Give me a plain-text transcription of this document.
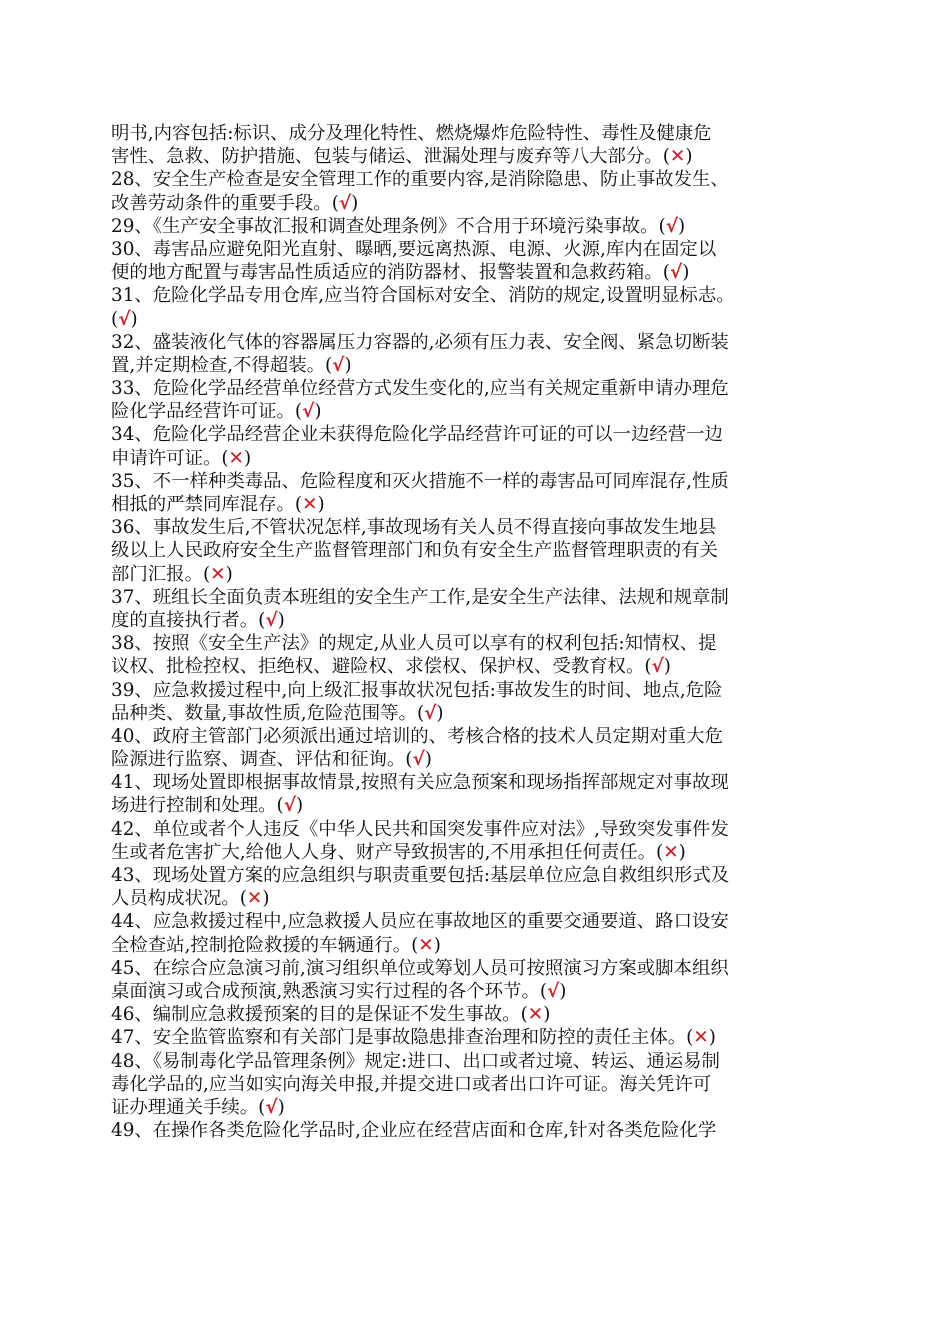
明书,内容包括:标识、成分及理化特性、燃烧爆炸危险特性、毒性及健康危
害性、急救、防护措施、包装与储运、泄漏处理与废弃等八大部分。(✕)
28、安全生产检查是安全管理工作的重要内容,是消除隐患、防止事故发生、
改善劳动条件的重要手段。(√)
29、《生产安全事故汇报和调查处理条例》不合用于环境污染事故。(√)
30、毒害品应避免阳光直射、曝晒,要远离热源、电源、火源,库内在固定以
便的地方配置与毒害品性质适应的消防器材、报警装置和急救药箱。(√)
31、危险化学品专用仓库,应当符合国标对安全、消防的规定,设置明显标志。
(√)
32、盛装液化气体的容器属压力容器的,必须有压力表、安全阀、紧急切断装
置,并定期检查,不得超装。(√)
33、危险化学品经营单位经营方式发生变化的,应当有关规定重新申请办理危
险化学品经营许可证。(√)
34、危险化学品经营企业未获得危险化学品经营许可证的可以一边经营一边
申请许可证。(✕)
35、不一样种类毒品、危险程度和灭火措施不一样的毒害品可同库混存,性质
相抵的严禁同库混存。(✕)
36、事故发生后,不管状况怎样,事故现场有关人员不得直接向事故发生地县
级以上人民政府安全生产监督管理部门和负有安全生产监督管理职责的有关
部门汇报。(✕)
37、班组长全面负责本班组的安全生产工作,是安全生产法律、法规和规章制
度的直接执行者。(√)
38、按照《安全生产法》的规定,从业人员可以享有的权利包括:知情权、提
议权、批检控权、拒绝权、避险权、求偿权、保护权、受教育权。(√)
39、应急救援过程中,向上级汇报事故状况包括:事故发生的时间、地点,危险
品种类、数量,事故性质,危险范围等。(√)
40、政府主管部门必须派出通过培训的、考核合格的技术人员定期对重大危
险源进行监察、调查、评估和征询。(√)
41、现场处置即根据事故情景,按照有关应急预案和现场指挥部规定对事故现
场进行控制和处理。(√)
42、单位或者个人违反《中华人民共和国突发事件应对法》,导致突发事件发
生或者危害扩大,给他人人身、财产导致损害的,不用承担任何责任。(✕)
43、现场处置方案的应急组织与职责重要包括:基层单位应急自救组织形式及
人员构成状况。(✕)
44、应急救援过程中,应急救援人员应在事故地区的重要交通要道、路口设安
全检查站,控制抢险救援的车辆通行。(✕)
45、在综合应急演习前,演习组织单位或筹划人员可按照演习方案或脚本组织
桌面演习或合成预演,熟悉演习实行过程的各个环节。(√)
46、编制应急救援预案的目的是保证不发生事故。(✕)
47、安全监管监察和有关部门是事故隐患排查治理和防控的责任主体。(✕)
48、《易制毒化学品管理条例》规定:进口、出口或者过境、转运、通运易制
毒化学品的,应当如实向海关申报,并提交进口或者出口许可证。海关凭许可
证办理通关手续。(√)
49、在操作各类危险化学品时,企业应在经营店面和仓库,针对各类危险化学
